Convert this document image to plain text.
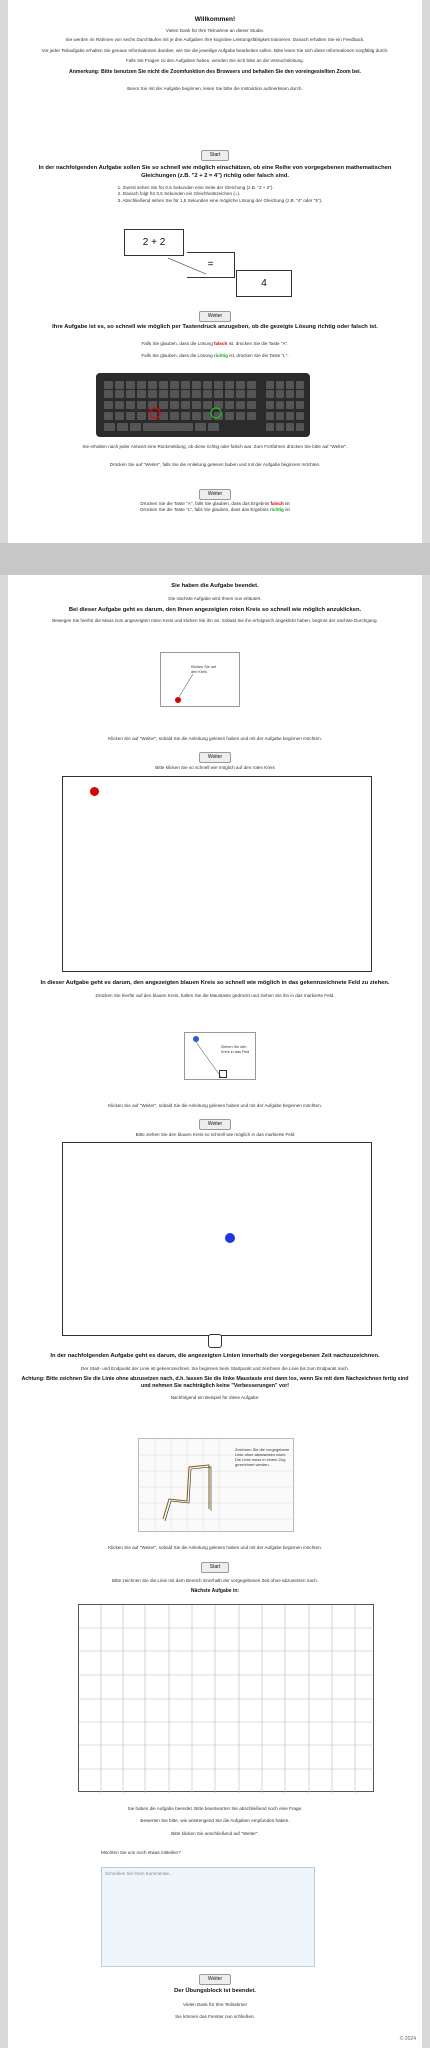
Willkommen!
Vielen Dank für Ihre Teilnahme an dieser Studie.
Sie werden im Rahmen von sechs Durchläufen mit je drei Aufgaben Ihre kognitive Leistungsfähigkeit trainieren. Danach erhalten Sie ein Feedback.
Vor jeder Teilaufgabe erhalten Sie genaue Informationen darüber, wie Sie die jeweilige Aufgabe bearbeiten sollen. Bitte lesen Sie sich diese Informationen sorgfältig durch.
Falls Sie Fragen zu den Aufgaben haben, wenden Sie sich bitte an die Versuchsleitung.
Anmerkung: Bitte benutzen Sie nicht die Zoomfunktion des Browsers und behalten Sie den voreingestellten Zoom bei.
Bevor Sie mit der Aufgabe beginnen, lesen Sie bitte die Instruktion aufmerksam durch.
Start
In der nachfolgenden Aufgabe sollen Sie so schnell wie möglich einschätzen, ob eine Reihe von vorgegebenen mathematischen Gleichungen (z.B. "2 + 2 = 4") richtig oder falsch sind.
1. Zuerst sehen Sie für 0,5 Sekunden eine Seite der Gleichung (z.B. "2 + 2").
2. Danach folgt für 0,5 Sekunden ein Gleichheitszeichen (=).
3. Abschließend sehen Sie für 1,5 Sekunden eine mögliche Lösung der Gleichung (z.B. "4" oder "5").
2 + 2
=
4
Weiter
Ihre Aufgabe ist es, so schnell wie möglich per Tastendruck anzugeben, ob die gezeigte Lösung richtig oder falsch ist.
Falls Sie glauben, dass die Lösung falsch ist, drücken Sie die Taste "A".
Falls Sie glauben, dass die Lösung richtig ist, drücken Sie die Taste "L".
Sie erhalten nach jeder Antwort eine Rückmeldung, ob diese richtig oder falsch war. Zum Fortfahren drücken Sie bitte auf "Weiter".
Drücken Sie auf "Weiter", falls Sie die Anleitung gelesen haben und mit der Aufgabe beginnen möchten.
Weiter
Drücken Sie die Taste "A", falls Sie glauben, dass das Ergebnis falsch ist
Drücken Sie die Taste "L", falls Sie glauben, dass das Ergebnis richtig ist
Sie haben die Aufgabe beendet.
Die nächste Aufgabe wird Ihnen nun erläutert.
Bei dieser Aufgabe geht es darum, den Ihnen angezeigten roten Kreis so schnell wie möglich anzuklicken.
Bewegen Sie hierfür die Maus zum angezeigten roten Kreis und klicken Sie ihn an. Sobald Sie ihn erfolgreich angeklickt haben, beginnt der nächste Durchgang.
Klicken Sie auf den Kreis
Klicken Sie auf "Weiter", sobald Sie die Anleitung gelesen haben und mit der Aufgabe beginnen möchten.
Weiter
Bitte klicken Sie so schnell wie möglich auf den roten Kreis
In dieser Aufgabe geht es darum, den angezeigten blauen Kreis so schnell wie möglich in das gekennzeichnete Feld zu ziehen.
Drücken Sie hierfür auf den blauen Kreis, halten Sie die Maustaste gedrückt und ziehen Sie ihn in das markierte Feld.
Ziehen Sie den Kreis in das Feld
Klicken Sie auf "Weiter", sobald Sie die Anleitung gelesen haben und mit der Aufgabe beginnen möchten.
Weiter
Bitte ziehen Sie den blauen Kreis so schnell wie möglich in das markierte Feld
In der nachfolgenden Aufgabe geht es darum, die angezeigten Linien innerhalb der vorgegebenen Zeit nachzuzeichnen.
Der Start- und Endpunkt der Linie ist gekennzeichnet. Sie beginnen beim Startpunkt und zeichnen die Linie bis zum Endpunkt nach.
Achtung: Bitte zeichnen Sie die Linie ohne abzusetzen nach, d.h. lassen Sie die linke Maustaste erst dann los, wenn Sie mit dem Nachzeichnen fertig sind und nehmen Sie nachträglich keine "Verbesserungen" vor!
Nachfolgend ein Beispiel für diese Aufgabe:
Zeichnen Sie die vorgegebene Linie ohne abzusetzen nach. Die Linie muss in einem Zug gezeichnet werden.
Klicken Sie auf "Weiter", sobald Sie die Anleitung gelesen haben und mit der Aufgabe beginnen möchten.
Start
Bitte zeichnen Sie die Linie mit dem Bereich innerhalb der vorgegebenen Zeit ohne abzusetzen nach.
Nächste Aufgabe in:
Sie haben die Aufgabe beendet. Bitte beantworten Sie abschließend noch eine Frage.
Bewerten Sie bitte, wie anstrengend Sie die Aufgaben empfunden haben.
Bitte klicken Sie anschließend auf "Weiter".
Möchten Sie uns noch etwas mitteilen?
Schreiben Sie Ihren Kommentar...
Weiter
Der Übungsblock ist beendet.
Vielen Dank für Ihre Teilnahme!
Sie können das Fenster nun schließen.
© 2024
